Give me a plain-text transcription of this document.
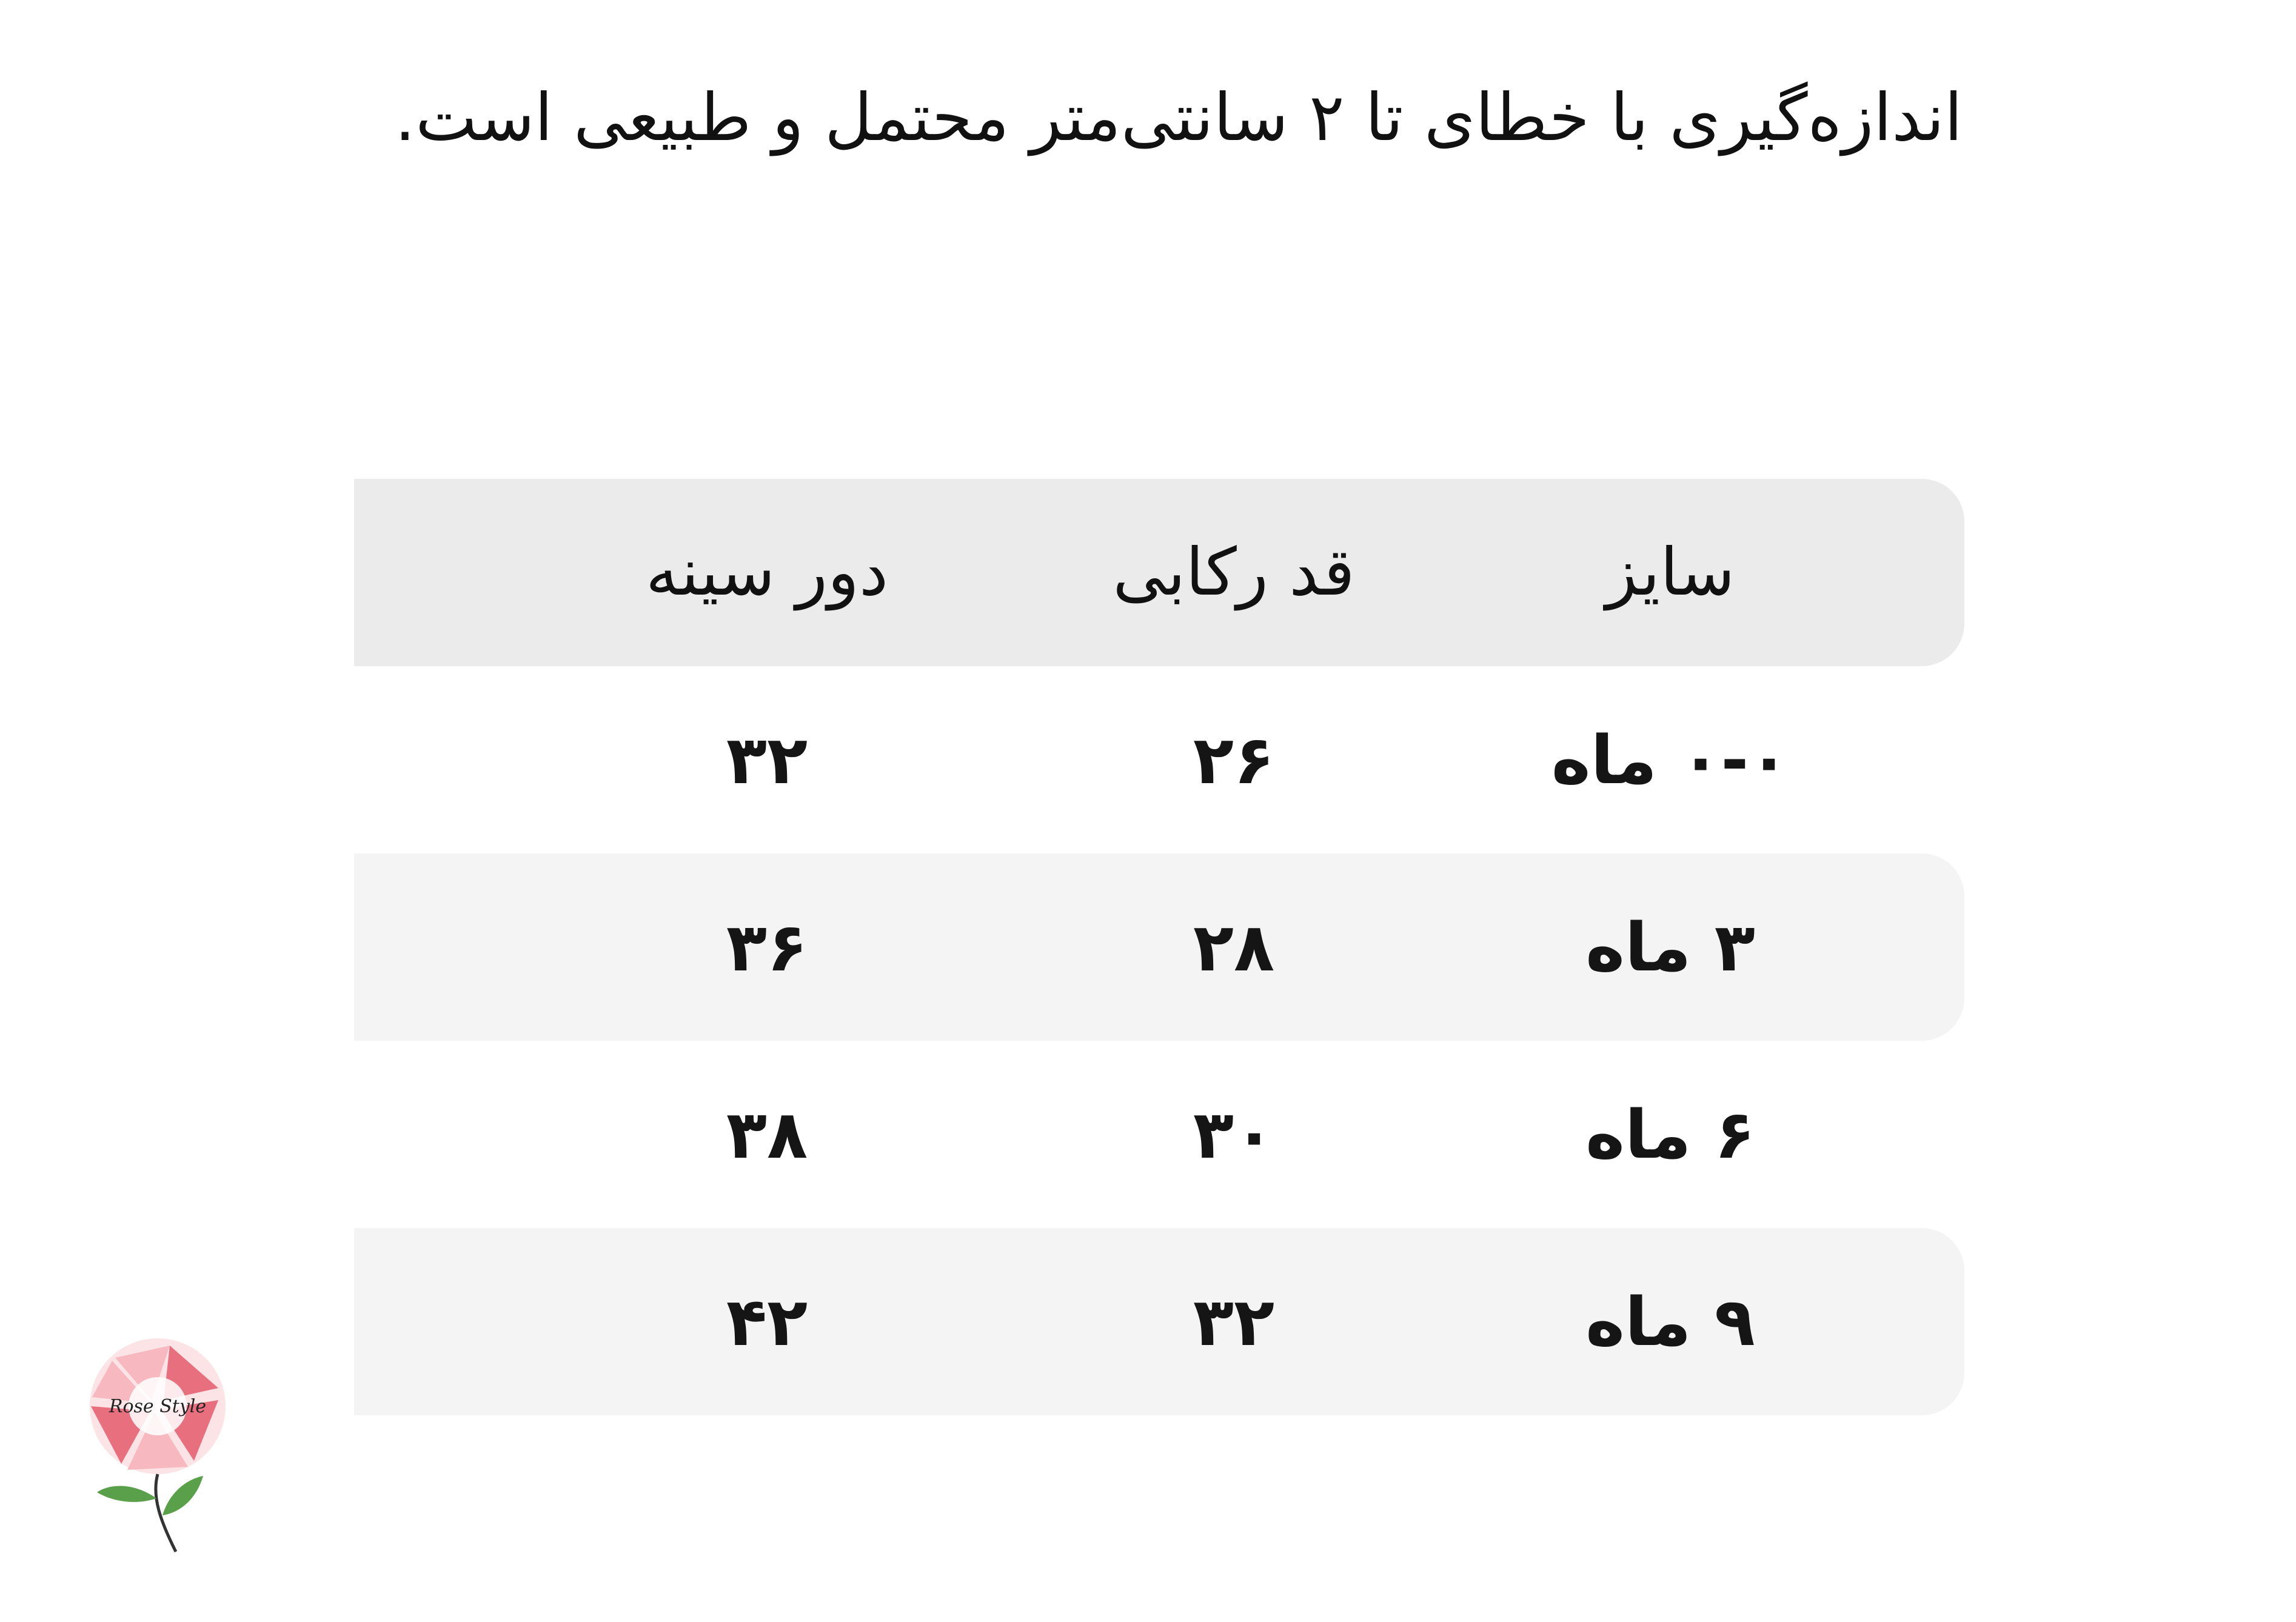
اندازه‌گیری با خطای تا ۲ سانتی‌متر محتمل و طبیعی است.

سایز
قد رکابی
دور سینه
۰-۰ ماه
۲۶
۳۲
۳ ماه
۲۸
۳۶
۶ ماه
۳۰
۳۸
۹ ماه
۳۲
۴۲
Rose Style
